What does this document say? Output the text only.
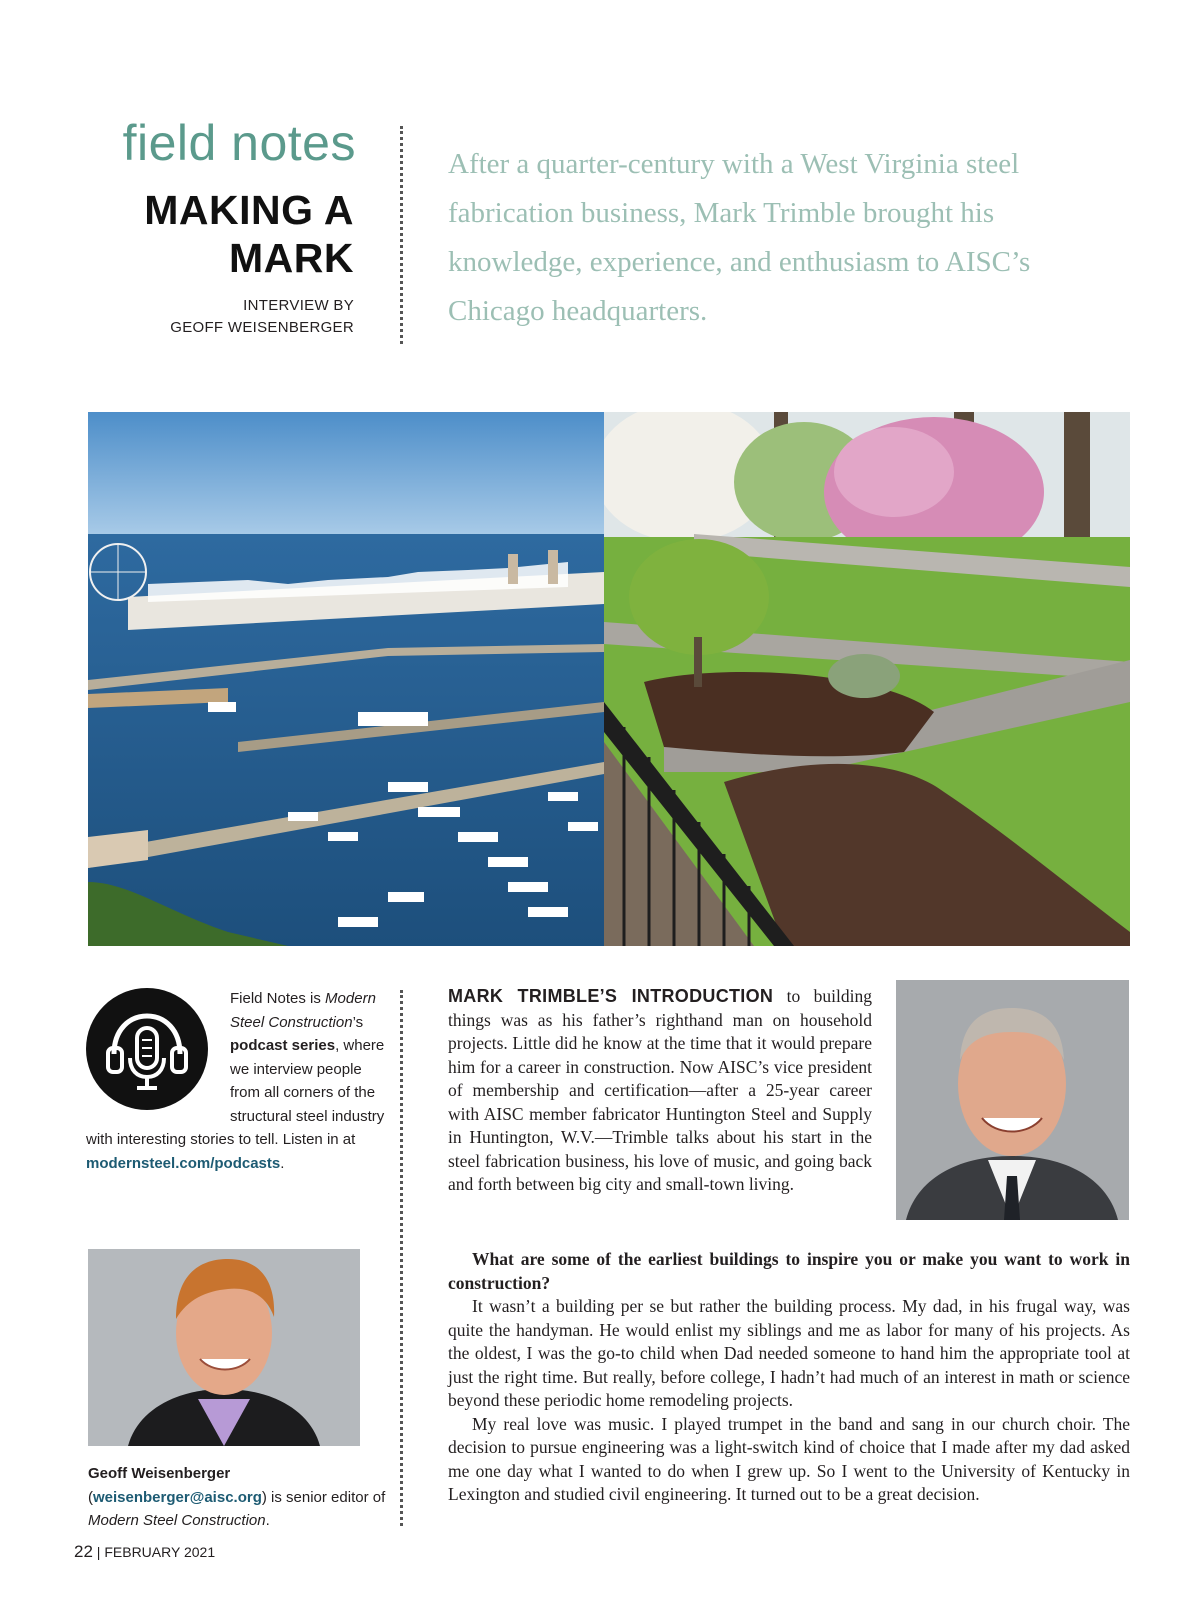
field notes
MAKING A
MARK
INTERVIEW BY
GEOFF WEISENBERGER
After a quarter-century with a West Virginia steel fabrication business, Mark Trimble brought his knowledge, experience, and enthusiasm to AISC’s Chicago headquarters.
Field Notes is Modern Steel Construction’s podcast series, where we interview people from all corners of the structural steel industry with interesting stories to tell. Listen in at modernsteel.com/podcasts.
Geoff Weisenberger
(weisenberger@aisc.org) is senior editor of Modern Steel Construction.
22 | FEBRUARY 2021
MARK TRIMBLE’S INTRODUCTION to building things was as his father’s righthand man on household projects. Little did he know at the time that it would prepare him for a career in construction. Now AISC’s vice president of membership and certification—after a 25-year career with AISC member fabricator Huntington Steel and Supply in Huntington, W.V.—Trimble talks about his start in the steel fabrication business, his love of music, and going back and forth between big city and small-town living.

What are some of the earliest buildings to inspire you or make you want to work in construction?

It wasn’t a building per se but rather the building process. My dad, in his frugal way, was quite the handyman. He would enlist my siblings and me as labor for many of his projects. As the oldest, I was the go-to child when Dad needed someone to hand him the appropriate tool at just the right time. But really, before college, I hadn’t had much of an interest in math or science beyond these periodic home remodeling projects.

My real love was music. I played trumpet in the band and sang in our church choir. The decision to pursue engineering was a light-switch kind of choice that I made after my dad asked me one day what I wanted to do when I grew up. So I went to the University of Kentucky in Lexington and studied civil engineering. It turned out to be a great decision.
